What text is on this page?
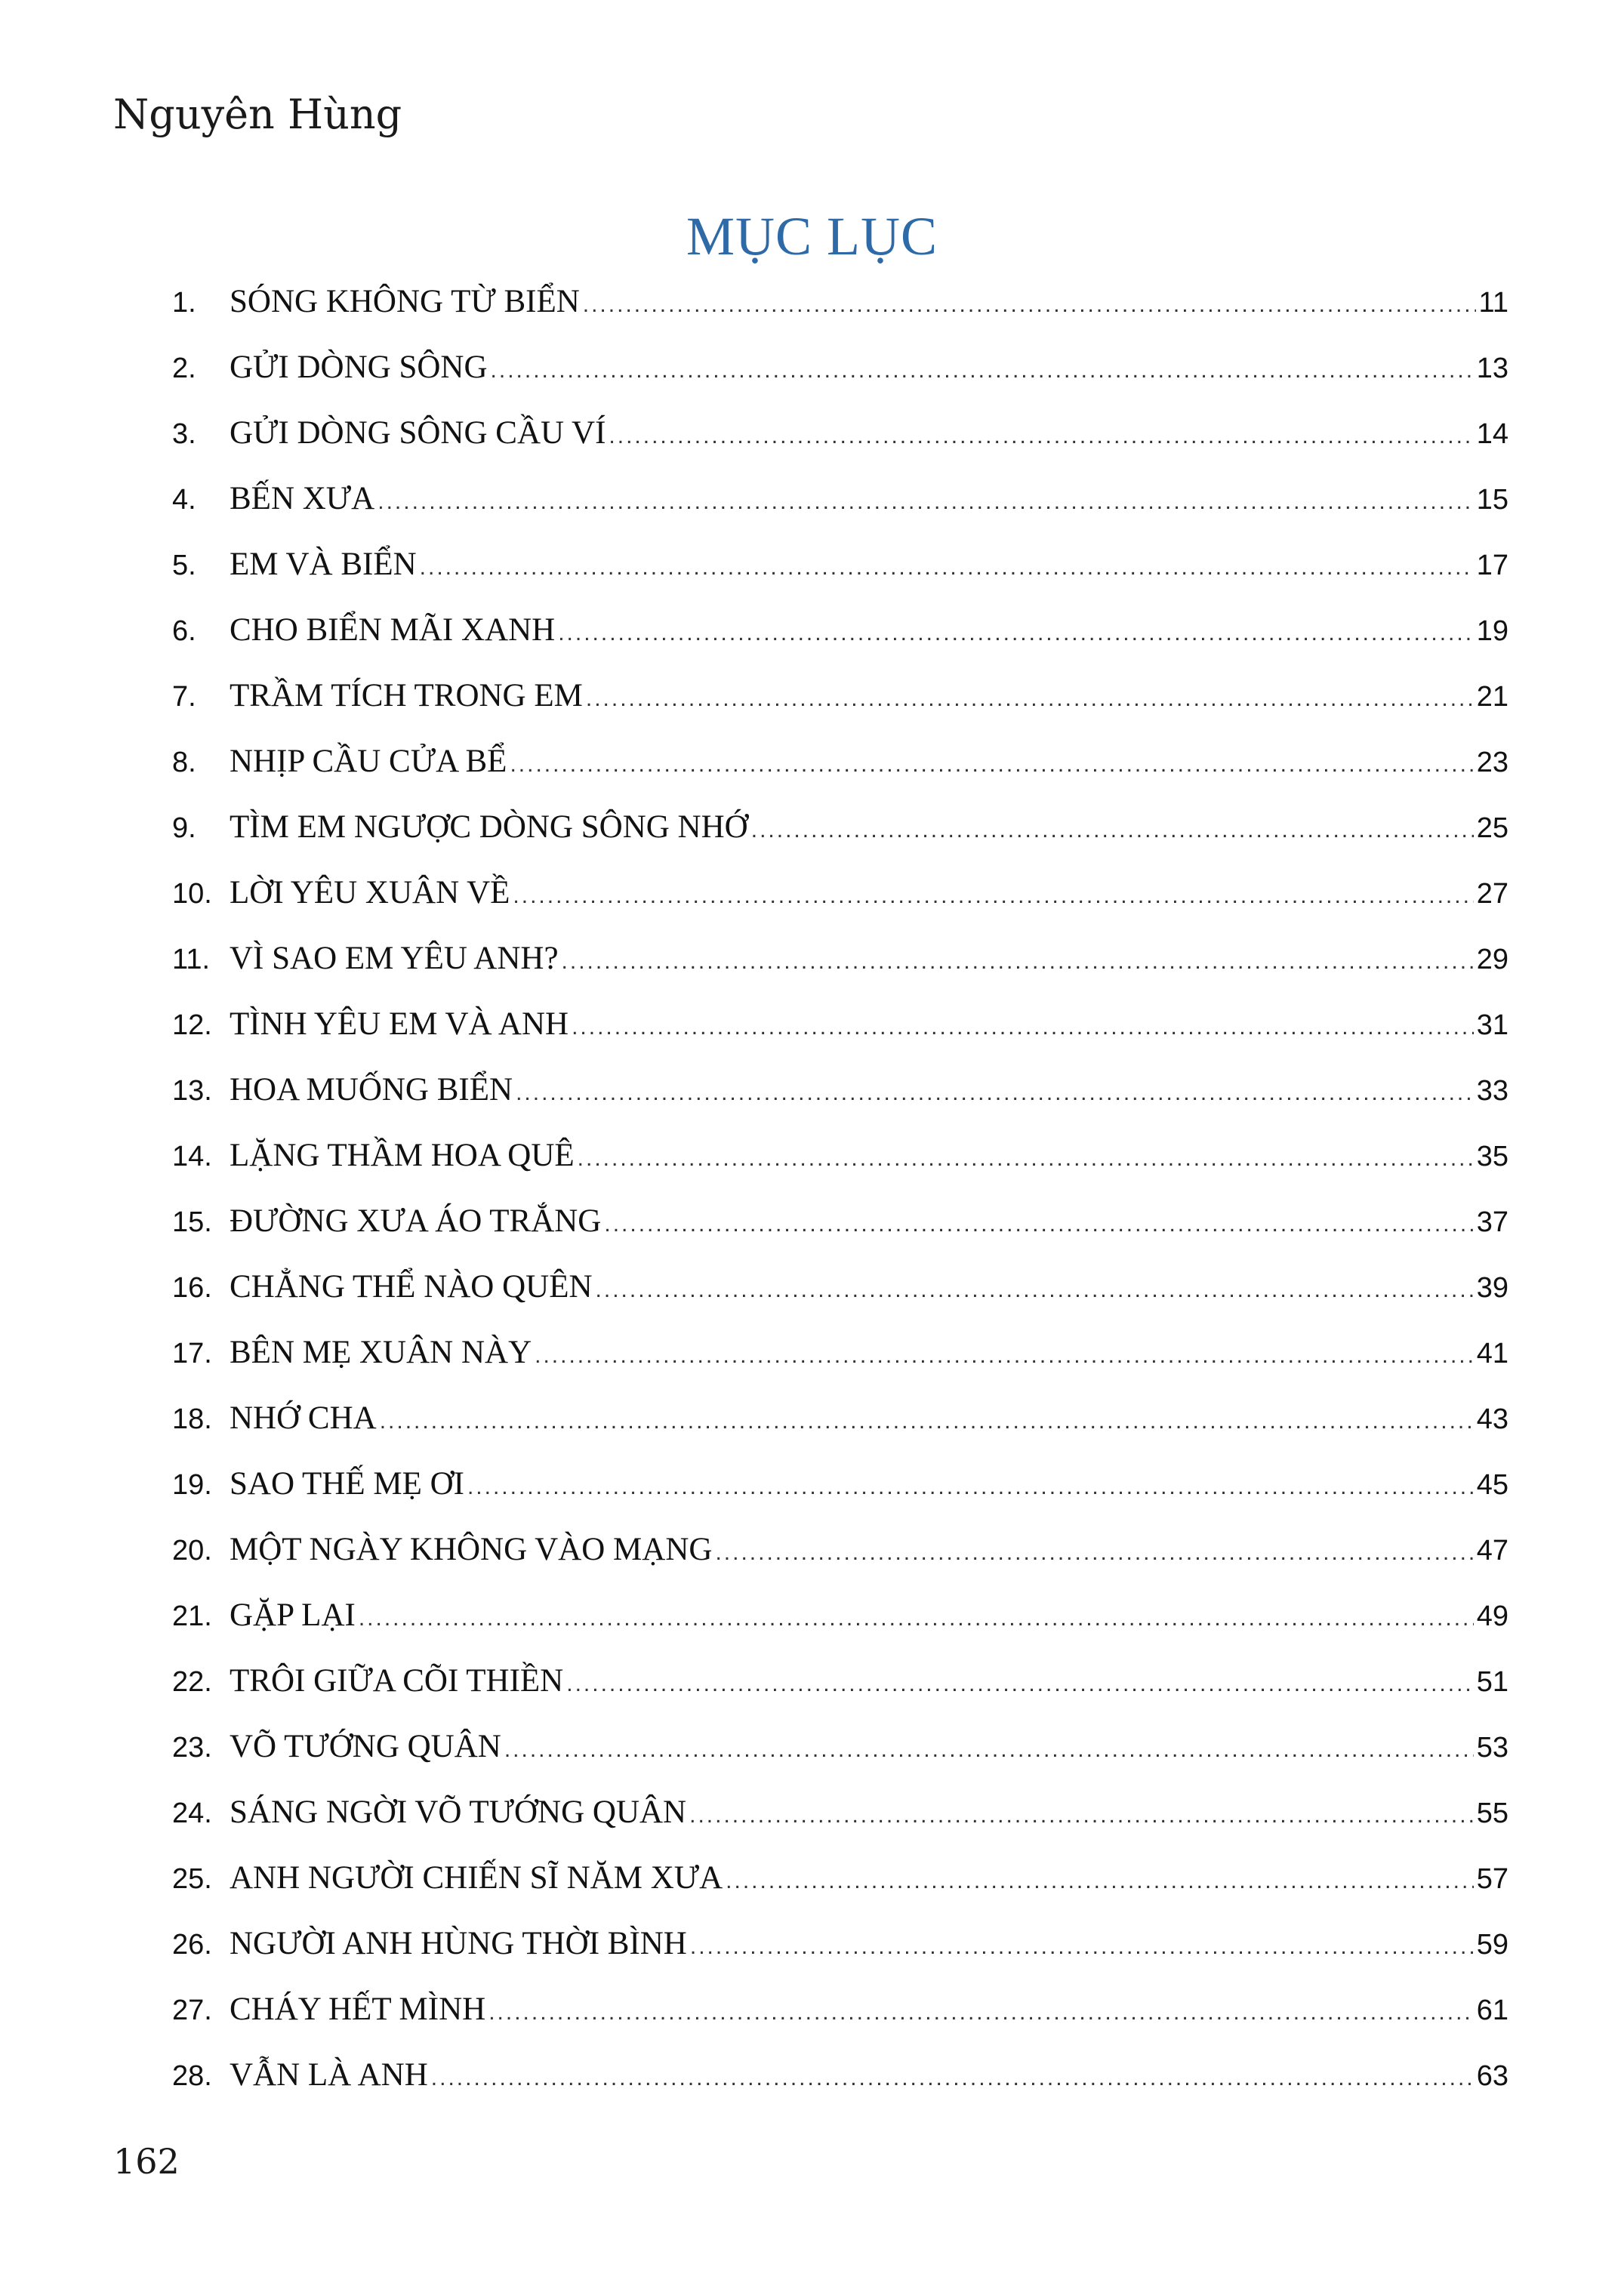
Nguyên Hùng
MỤC LỤC
1.	SÓNG KHÔNG TỪ BIỂN .....	11
2.	GỬI DÒNG SÔNG .....	13
3.	GỬI DÒNG SÔNG CẦU VÍ .....	14
4.	BẾN XƯA .....	15
5.	EM VÀ BIỂN .....	17
6.	CHO BIỂN MÃI XANH .....	19
7.	TRẦM TÍCH TRONG EM .....	21
8.	NHỊP CẦU CỬA BỂ .....	23
9.	TÌM EM NGƯỢC DÒNG SÔNG NHỚ .....	25
10. LỜI YÊU XUÂN VỀ .....	27
11. VÌ SAO EM YÊU ANH? .....	29
12. TÌNH YÊU EM VÀ ANH .....	31
13. HOA MUỐNG BIỂN .....	33
14. LẶNG THẦM HOA QUÊ .....	35
15. ĐƯỜNG XƯA ÁO TRẮNG .....	37
16. CHẲNG THỂ NÀO QUÊN .....	39
17. BÊN MẸ XUÂN NÀY .....	41
18. NHỚ CHA .....	43
19. SAO THẾ MẸ ƠI .....	45
20. MỘT NGÀY KHÔNG VÀO MẠNG .....	47
21. GẶP LẠI .....	49
22. TRÔI GIỮA CÕI THIỀN .....	51
23. VÕ TƯỚNG QUÂN .....	53
24. SÁNG NGỜI VÕ TƯỚNG QUÂN .....	55
25. ANH NGƯỜI CHIẾN SĨ NĂM XƯA .....	57
26. NGƯỜI ANH HÙNG THỜI BÌNH .....	59
27. CHÁY HẾT MÌNH .....	61
28. VẪN LÀ ANH .....	63
162
